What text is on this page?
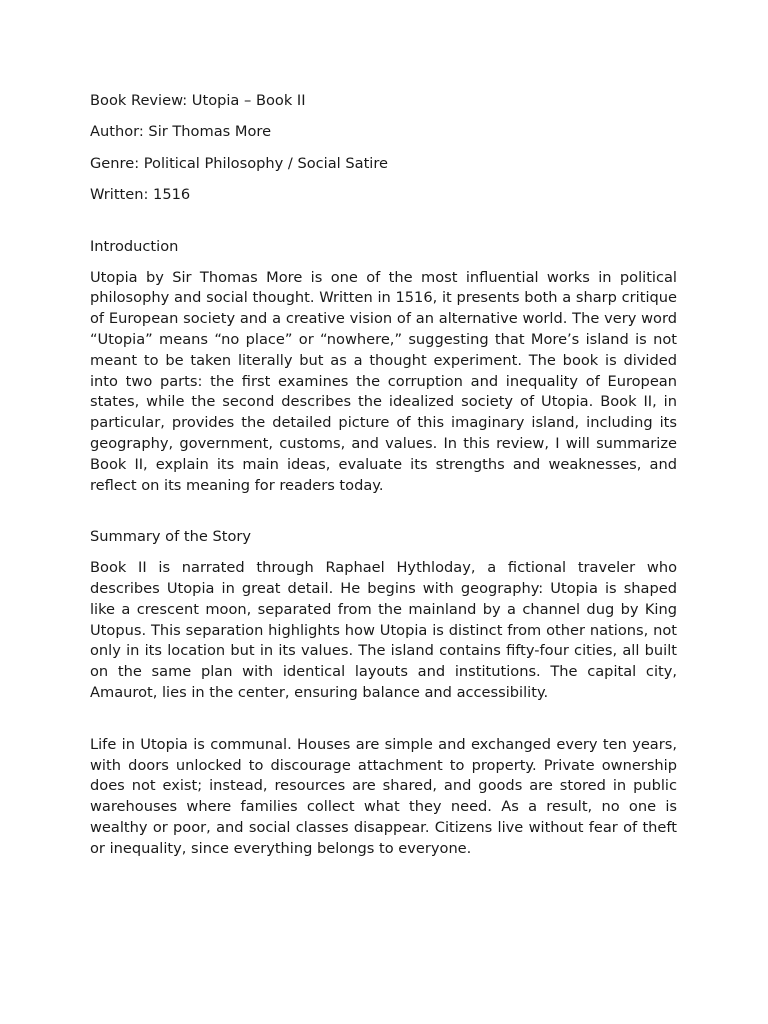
Book Review: Utopia – Book II
Author: Sir Thomas More
Genre: Political Philosophy / Social Satire
Written: 1516
Introduction

Utopia by Sir Thomas More is one of the most influential works in political philosophy and social thought. Written in 1516, it presents both a sharp critique of European society and a creative vision of an alternative world. The very word “Utopia” means “no place” or “nowhere,” suggesting that More’s island is not meant to be taken literally but as a thought experiment. The book is divided into two parts: the first examines the corruption and inequality of European states, while the second describes the idealized society of Utopia. Book II, in particular, provides the detailed picture of this imaginary island, including its geography, government, customs, and values. In this review, I will summarize Book II, explain its main ideas, evaluate its strengths and weaknesses, and reflect on its meaning for readers today.

Summary of the Story

Book II is narrated through Raphael Hythloday, a fictional traveler who describes Utopia in great detail. He begins with geography: Utopia is shaped like a crescent moon, separated from the mainland by a channel dug by King Utopus. This separation highlights how Utopia is distinct from other nations, not only in its location but in its values. The island contains fifty-four cities, all built on the same plan with identical layouts and institutions. The capital city, Amaurot, lies in the center, ensuring balance and accessibility.

Life in Utopia is communal. Houses are simple and exchanged every ten years, with doors unlocked to discourage attachment to property. Private ownership does not exist; instead, resources are shared, and goods are stored in public warehouses where families collect what they need. As a result, no one is wealthy or poor, and social classes disappear. Citizens live without fear of theft or inequality, since everything belongs to everyone.
